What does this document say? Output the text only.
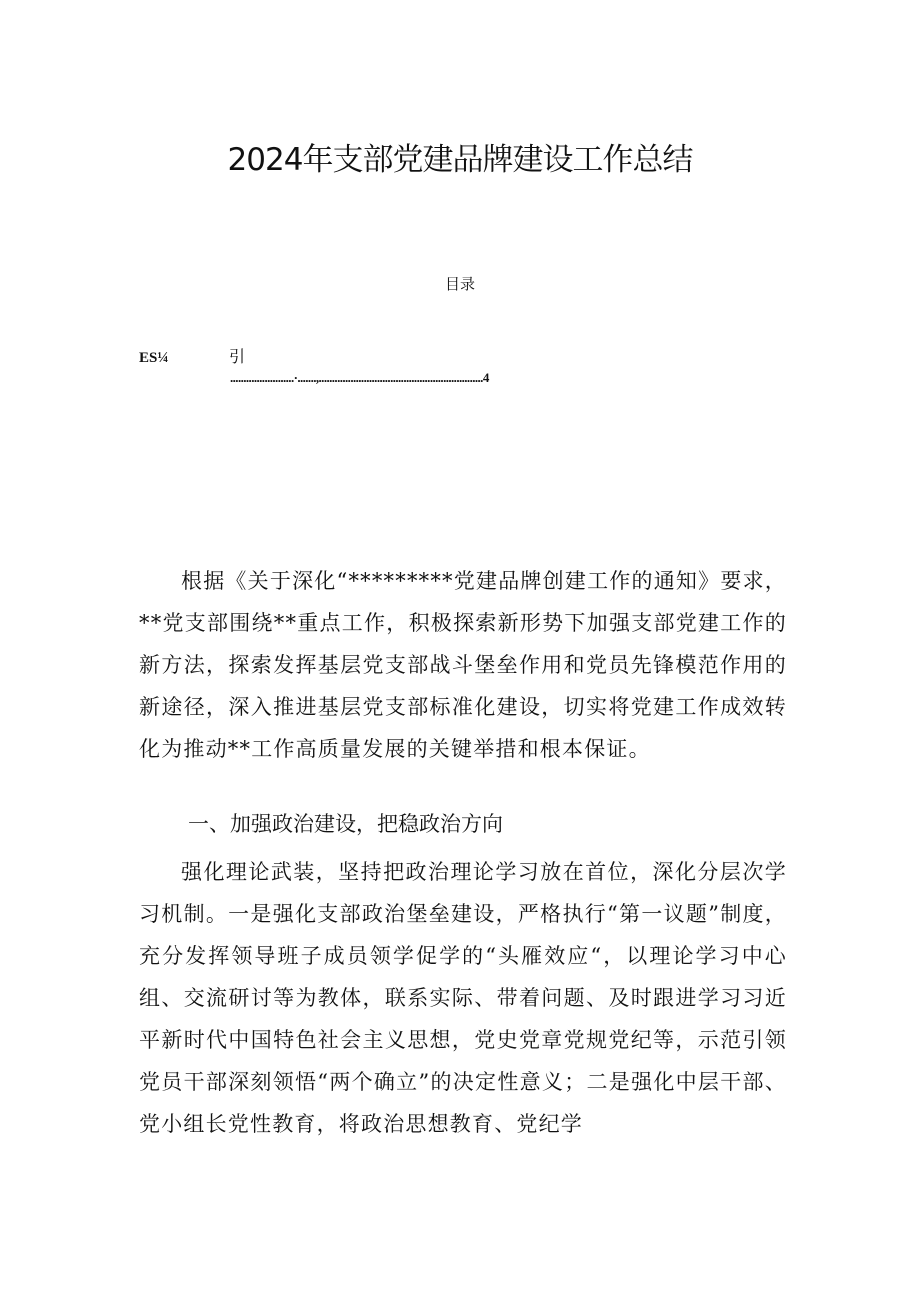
2024年支部党建品牌建设工作总结
目录
ES¼	引
........................·.......,..............................................................4

根据《关于深化“*********党建品牌创建工作的通知》要求，**党支部围绕**重点工作，积极探索新形势下加强支部党建工作的新方法，探索发挥基层党支部战斗堡垒作用和党员先锋模范作用的新途径，深入推进基层党支部标准化建设，切实将党建工作成效转化为推动**工作高质量发展的关键举措和根本保证。

一、加强政治建设，把稳政治方向

强化理论武装，坚持把政治理论学习放在首位，深化分层次学习机制。一是强化支部政治堡垒建设，严格执行“第一议题”制度，充分发挥领导班子成员领学促学的“头雁效应“，以理论学习中心组、交流研讨等为教体，联系实际、带着问题、及时跟进学习习近平新时代中国特色社会主义思想，党史党章党规党纪等，示范引领党员干部深刻领悟“两个确立”的决定性意义；二是强化中层干部、党小组长党性教育，将政治思想教育、党纪学
